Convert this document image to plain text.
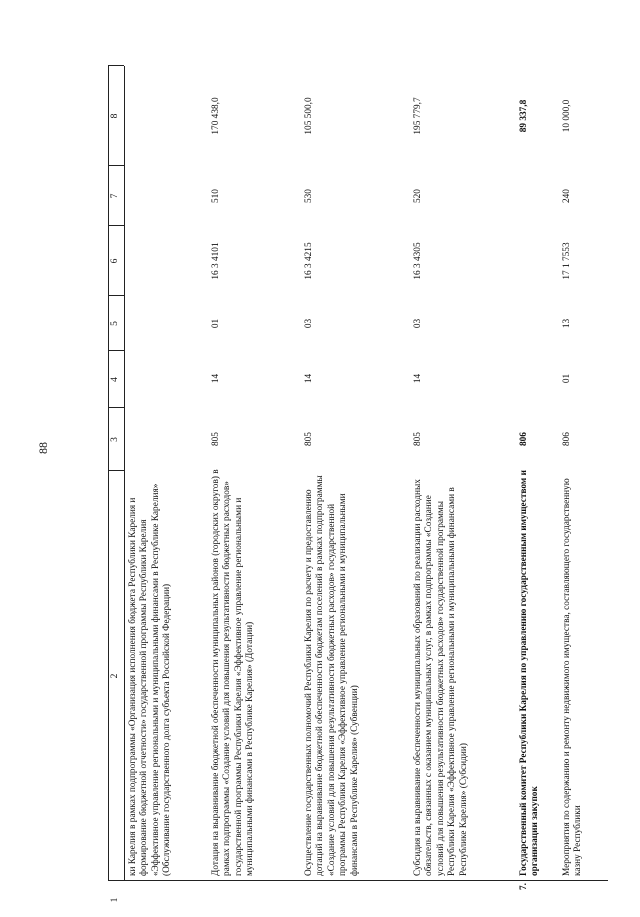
88
1
2
3
4
5
6
7
8
ки Карелия в рамках подпрограммы «Организация исполнения бюджета Республики Карелия и формирование бюджетной отчетности» государственной программы Республики Карелия «Эффективное управление региональными и муниципальными финансами в Республике Карелия» (Обслуживание государственного долга субъекта Российской Федерации)	Дотация на выравнивание бюджетной обеспеченности муниципальных районов (городских округов) в рамках подпрограммы «Создание условий для повышения результативности бюджетных расходов» государственной программы Республики Карелия «Эффективное управление региональными и муниципальными финансами в Республике Карелия» (Дотации)
805
14
01
16 3 4101
510
170 438,0
Осуществление государственных полномочий Республики Карелия по расчету и предоставлению дотаций на выравнивание бюджетной обеспеченности бюджетам поселений в рамках подпрограммы «Создание условий для повышения результативности бюджетных расходов» государственной программы Республики Карелия «Эффективное управление региональными и муниципальными финансами в Республике Карелия» (Субвенции)
805
14
03
16 3 4215
530
105 500,0
Субсидия на выравнивание обеспеченности муниципальных образований по реализации расходных обязательств, связанных с оказанием муниципальных услуг, в рамках подпрограммы «Создание условий для повышения результативности бюджетных расходов» государственной программы Республики Карелия «Эффективное управление региональными и муниципальными финансами в Республике Карелия» (Субсидии)
805
14
03
16 3 4305
520
195 779,7
7.
Государственный комитет Республики Карелия по управлению государственным имуществом и организации закупок
806
89 337,8
Мероприятия по содержанию и ремонту недвижимого имущества, составляющего государственную казну Республики
806
01
13
17 1 7553
240
10 000,0
